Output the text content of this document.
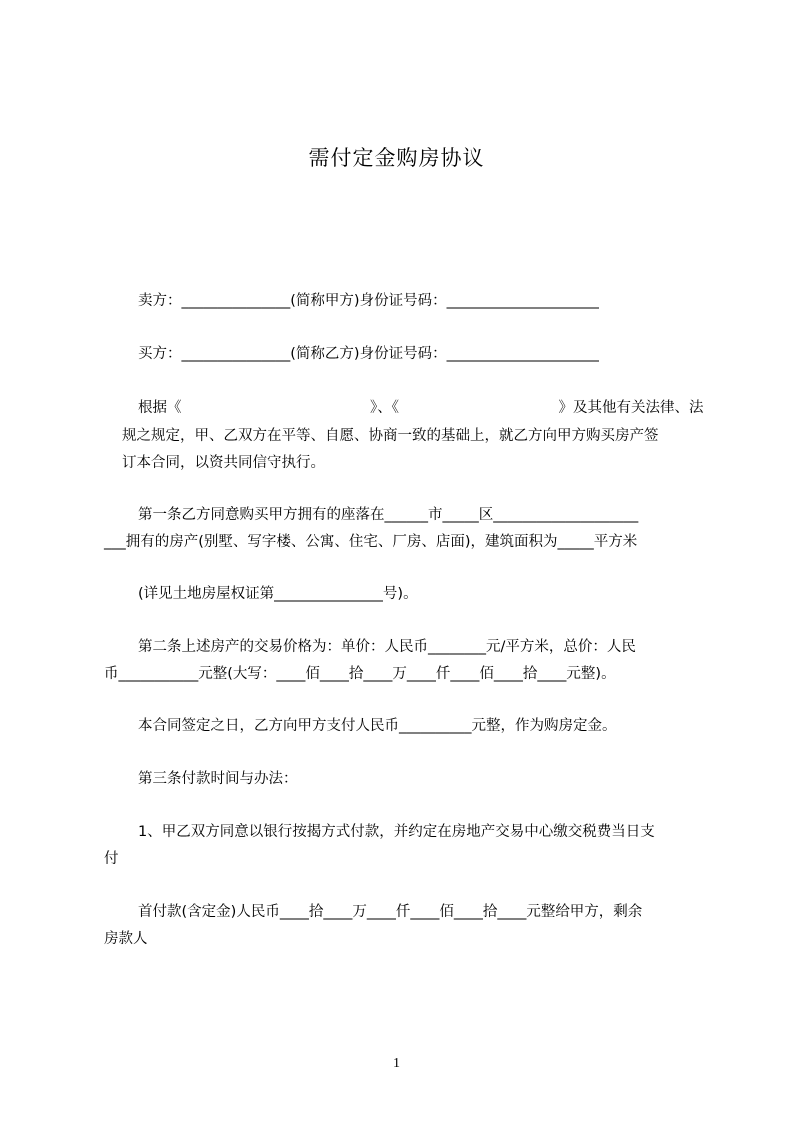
需付定金购房协议
卖方：_______________(简称甲方)身份证号码：_____________________
买方：_______________(简称乙方)身份证号码：_____________________
根据《　　　　　　　　　　　　　》、《　　　　　　　　　　　》及其他有关法律、法
规之规定，甲、乙双方在平等、自愿、协商一致的基础上，就乙方向甲方购买房产签
订本合同，以资共同信守执行。
第一条乙方同意购买甲方拥有的座落在______市_____区____________________
___拥有的房产(别墅、写字楼、公寓、住宅、厂房、店面)，建筑面积为_____平方米
(详见土地房屋权证第_______________号)。
第二条上述房产的交易价格为：单价：人民币________元/平方米，总价：人民
币___________元整(大写：____佰____拾____万____仟____佰____拾____元整)。
本合同签定之日，乙方向甲方支付人民币__________元整，作为购房定金。
第三条付款时间与办法：
1、甲乙双方同意以银行按揭方式付款，并约定在房地产交易中心缴交税费当日支
付
首付款(含定金)人民币____拾____万____仟____佰____拾____元整给甲方，剩余
房款人
1
